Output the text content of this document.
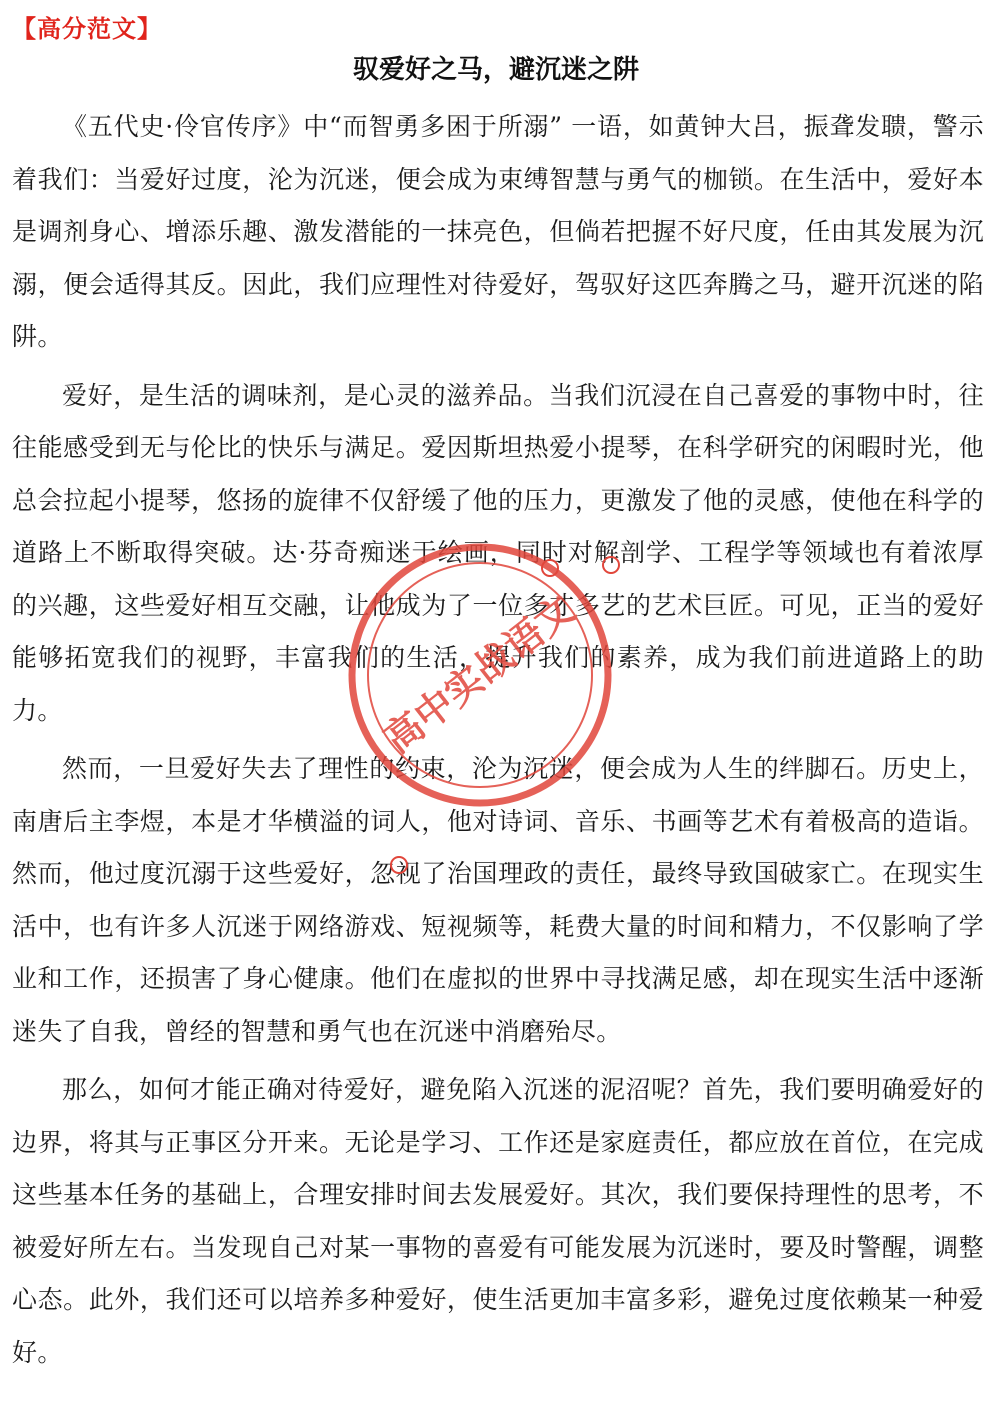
【高分范文】
驭爱好之马，避沉迷之阱

《五代史·伶官传序》中“而智勇多困于所溺” 一语，如黄钟大吕，振聋发聩，警示着我们：当爱好过度，沦为沉迷，便会成为束缚智慧与勇气的枷锁。在生活中，爱好本是调剂身心、增添乐趣、激发潜能的一抹亮色，但倘若把握不好尺度，任由其发展为沉溺，便会适得其反。因此，我们应理性对待爱好，驾驭好这匹奔腾之马，避开沉迷的陷阱。

爱好，是生活的调味剂，是心灵的滋养品。当我们沉浸在自己喜爱的事物中时，往往能感受到无与伦比的快乐与满足。爱因斯坦热爱小提琴，在科学研究的闲暇时光，他总会拉起小提琴，悠扬的旋律不仅舒缓了他的压力，更激发了他的灵感，使他在科学的道路上不断取得突破。达·芬奇痴迷于绘画，同时对解剖学、工程学等领域也有着浓厚的兴趣，这些爱好相互交融，让他成为了一位多才多艺的艺术巨匠。可见，正当的爱好能够拓宽我们的视野，丰富我们的生活，提升我们的素养，成为我们前进道路上的助力。

然而，一旦爱好失去了理性的约束，沦为沉迷，便会成为人生的绊脚石。历史上，南唐后主李煜，本是才华横溢的词人，他对诗词、音乐、书画等艺术有着极高的造诣。然而，他过度沉溺于这些爱好，忽视了治国理政的责任，最终导致国破家亡。在现实生活中，也有许多人沉迷于网络游戏、短视频等，耗费大量的时间和精力，不仅影响了学业和工作，还损害了身心健康。他们在虚拟的世界中寻找满足感，却在现实生活中逐渐迷失了自我，曾经的智慧和勇气也在沉迷中消磨殆尽。

那么，如何才能正确对待爱好，避免陷入沉迷的泥沼呢？首先，我们要明确爱好的边界，将其与正事区分开来。无论是学习、工作还是家庭责任，都应放在首位，在完成这些基本任务的基础上，合理安排时间去发展爱好。其次，我们要保持理性的思考，不被爱好所左右。当发现自己对某一事物的喜爱有可能发展为沉迷时，要及时警醒，调整心态。此外，我们还可以培养多种爱好，使生活更加丰富多彩，避免过度依赖某一种爱好。

高中实战语文
